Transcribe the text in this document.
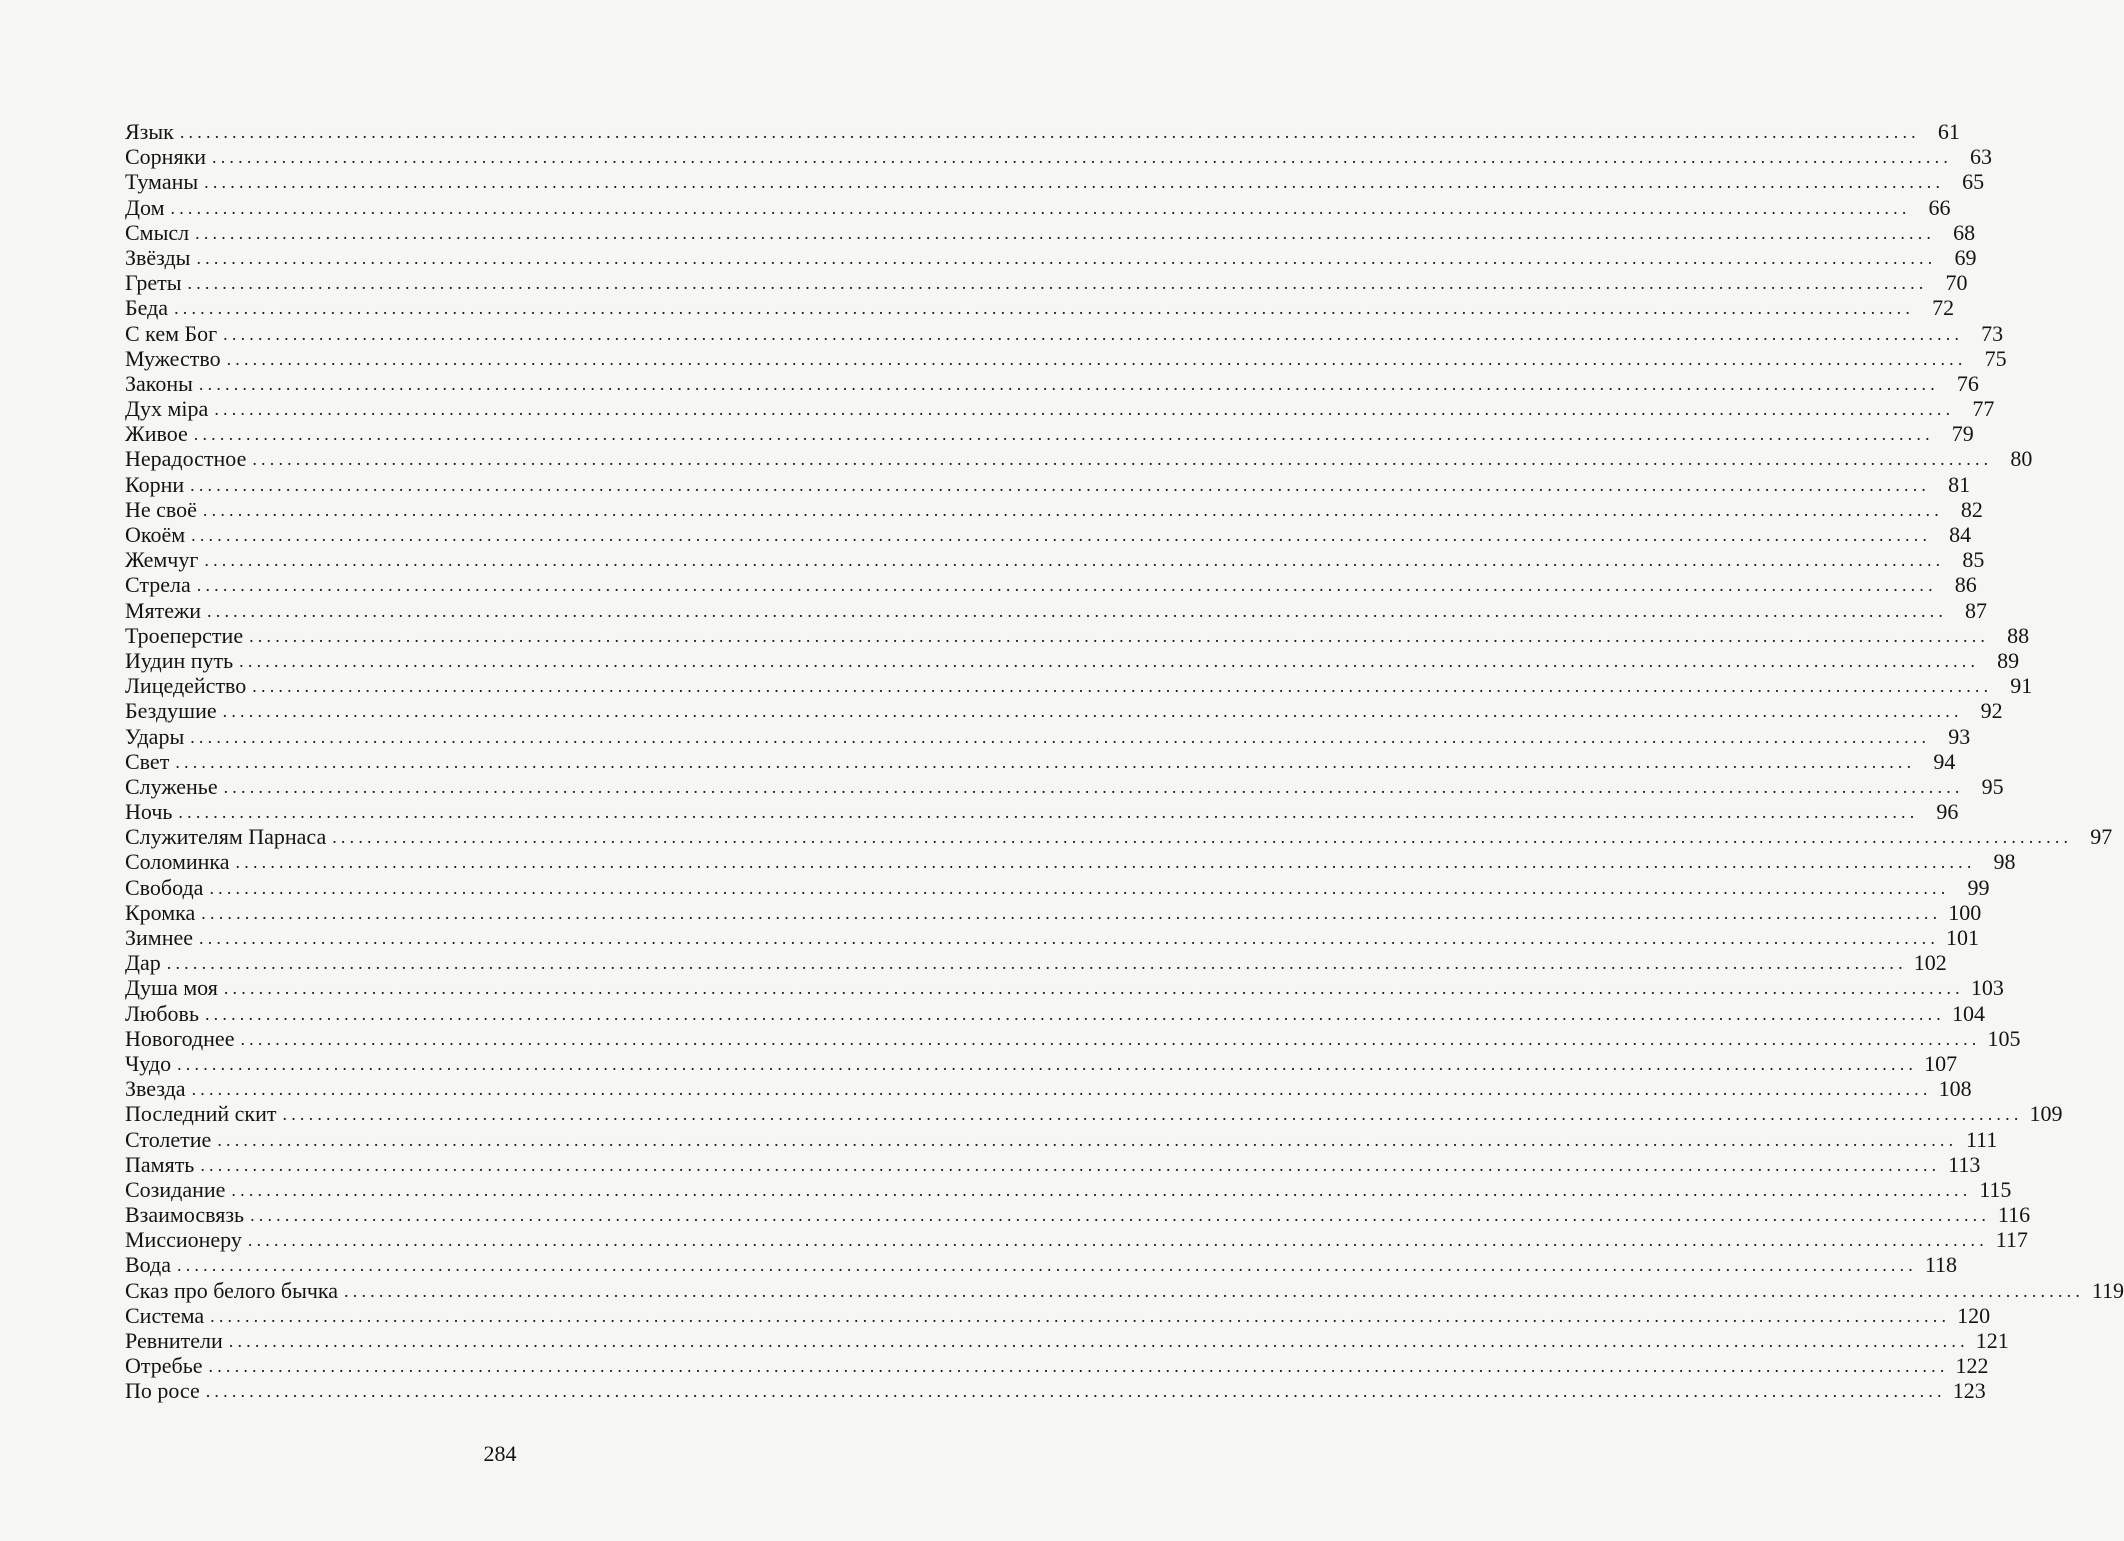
Язык ........................................................................................................................................................................................................ 61
Сорняки ........................................................................................................................................................................................................ 63
Туманы ........................................................................................................................................................................................................ 65
Дом ........................................................................................................................................................................................................ 66
Смысл ........................................................................................................................................................................................................ 68
Звёзды ........................................................................................................................................................................................................ 69
Греты ........................................................................................................................................................................................................ 70
Беда ........................................................................................................................................................................................................ 72
С кем Бог ........................................................................................................................................................................................................ 73
Мужество ........................................................................................................................................................................................................ 75
Законы ........................................................................................................................................................................................................ 76
Дух міра ........................................................................................................................................................................................................ 77
Живое ........................................................................................................................................................................................................ 79
Нерадостное ........................................................................................................................................................................................................ 80
Корни ........................................................................................................................................................................................................ 81
Не своё ........................................................................................................................................................................................................ 82
Окоём ........................................................................................................................................................................................................ 84
Жемчуг ........................................................................................................................................................................................................ 85
Стрела ........................................................................................................................................................................................................ 86
Мятежи ........................................................................................................................................................................................................ 87
Троеперстие ........................................................................................................................................................................................................ 88
Иудин путь ........................................................................................................................................................................................................ 89
Лицедейство ........................................................................................................................................................................................................ 91
Бездушие ........................................................................................................................................................................................................ 92
Удары ........................................................................................................................................................................................................ 93
Свет ........................................................................................................................................................................................................ 94
Служенье ........................................................................................................................................................................................................ 95
Ночь ........................................................................................................................................................................................................ 96
Служителям Парнаса ........................................................................................................................................................................................................ 97
Соломинка ........................................................................................................................................................................................................ 98
Свобода ........................................................................................................................................................................................................ 99
Кромка ........................................................................................................................................................................................................ 100
Зимнее ........................................................................................................................................................................................................ 101
Дар ........................................................................................................................................................................................................ 102
Душа моя ........................................................................................................................................................................................................ 103
Любовь ........................................................................................................................................................................................................ 104
Новогоднее ........................................................................................................................................................................................................ 105
Чудо ........................................................................................................................................................................................................ 107
Звезда ........................................................................................................................................................................................................ 108
Последний скит ........................................................................................................................................................................................................ 109
Столетие ........................................................................................................................................................................................................ 111
Память ........................................................................................................................................................................................................ 113
Созидание ........................................................................................................................................................................................................ 115
Взаимосвязь ........................................................................................................................................................................................................ 116
Миссионеру ........................................................................................................................................................................................................ 117
Вода ........................................................................................................................................................................................................ 118
Сказ про белого бычка ........................................................................................................................................................................................................ 119
Система ........................................................................................................................................................................................................ 120
Ревнители ........................................................................................................................................................................................................ 121
Отребье ........................................................................................................................................................................................................ 122
По росе ........................................................................................................................................................................................................ 123
284
